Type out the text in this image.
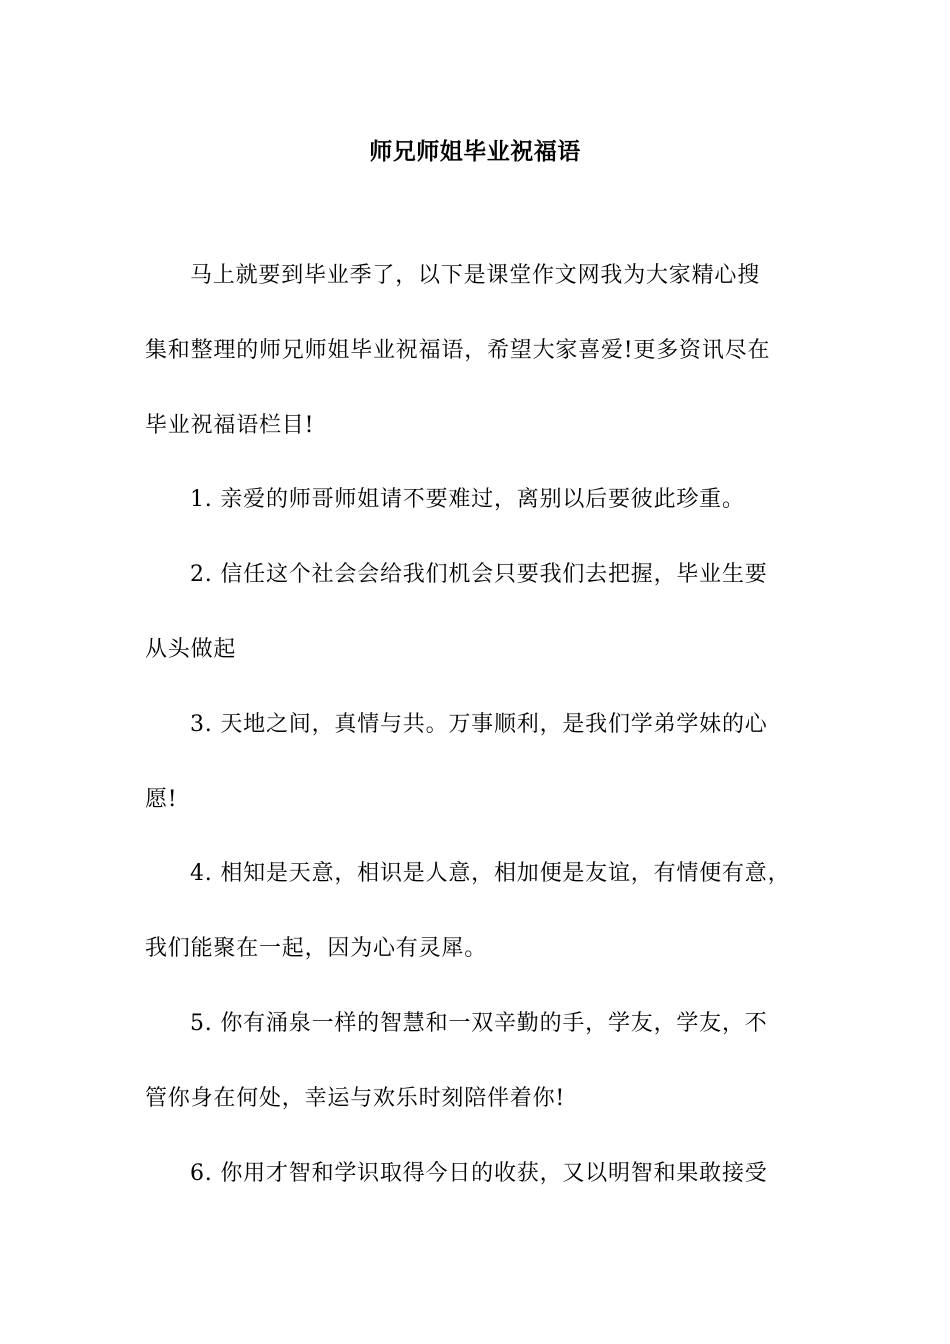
师兄师姐毕业祝福语
马上就要到毕业季了，以下是课堂作文网我为大家精心搜
集和整理的师兄师姐毕业祝福语，希望大家喜爱!更多资讯尽在
毕业祝福语栏目!
1. 亲爱的师哥师姐请不要难过，离别以后要彼此珍重。
2. 信任这个社会会给我们机会只要我们去把握，毕业生要
从头做起
3. 天地之间，真情与共。万事顺利，是我们学弟学妹的心
愿!
4. 相知是天意，相识是人意，相加便是友谊，有情便有意，
我们能聚在一起，因为心有灵犀。
5. 你有涌泉一样的智慧和一双辛勤的手，学友，学友，不
管你身在何处，幸运与欢乐时刻陪伴着你!
6. 你用才智和学识取得今日的收获，又以明智和果敢接受
